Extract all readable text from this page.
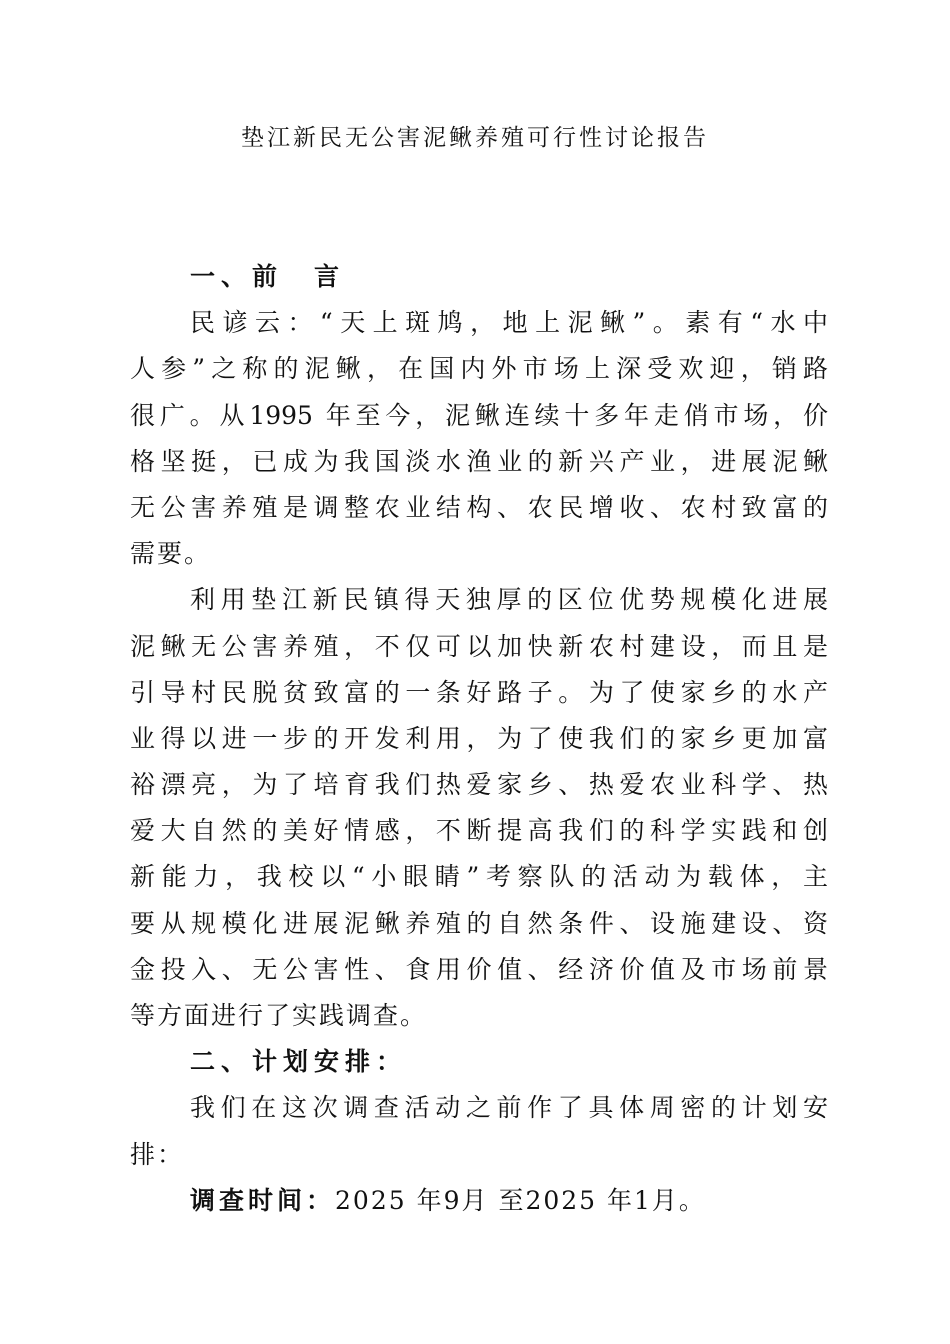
垫江新民无公害泥鳅养殖可行性讨论报告
一、前　言
民谚云：“天上斑鸠，地上泥鳅”。素有“水中
人参”之称的泥鳅，在国内外市场上深受欢迎，销路
很广。从1995 年至今，泥鳅连续十多年走俏市场，价
格坚挺，已成为我国淡水渔业的新兴产业，进展泥鳅
无公害养殖是调整农业结构、农民增收、农村致富的
需要。
利用垫江新民镇得天独厚的区位优势规模化进展
泥鳅无公害养殖，不仅可以加快新农村建设，而且是
引导村民脱贫致富的一条好路子。为了使家乡的水产
业得以进一步的开发利用，为了使我们的家乡更加富
裕漂亮，为了培育我们热爱家乡、热爱农业科学、热
爱大自然的美好情感，不断提高我们的科学实践和创
新能力，我校以“小眼睛”考察队的活动为载体，主
要从规模化进展泥鳅养殖的自然条件、设施建设、资
金投入、无公害性、食用价值、经济价值及市场前景
等方面进行了实践调查。
二、计划安排：
我们在这次调查活动之前作了具体周密的计划安
排：
调查时间：2025 年9月 至2025 年1月。
